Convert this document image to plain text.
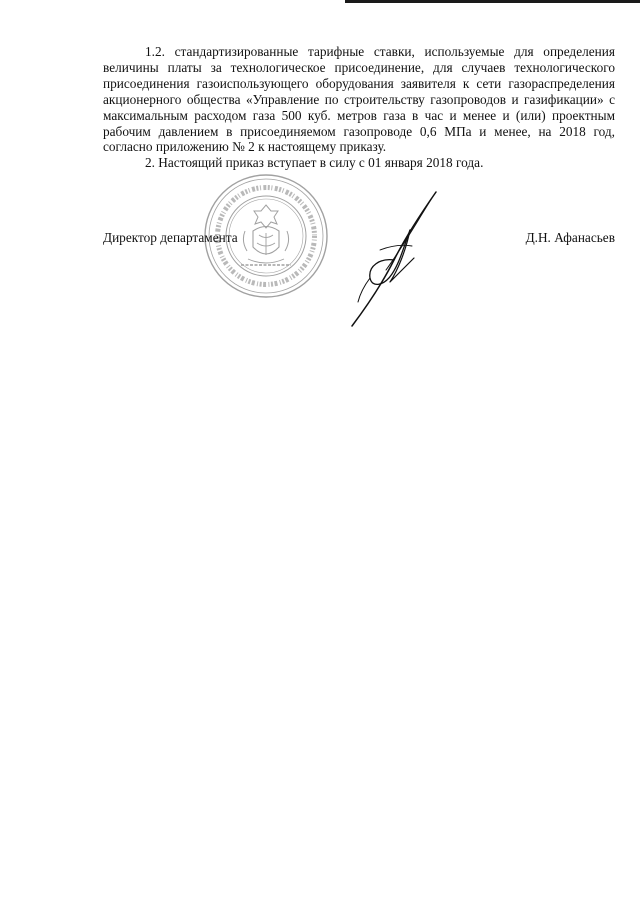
1.2. стандартизированные тарифные ставки, используемые для определения величины платы за технологическое присоединение, для случаев технологического присоединения газоиспользующего оборудования заявителя к сети газораспределения акционерного общества «Управление по строительству газопроводов и газификации» с максимальным расходом газа 500 куб. метров газа в час и менее и (или) проектным рабочим давлением в присоединяемом газопроводе 0,6 МПа и менее, на 2018 год, согласно приложению № 2 к настоящему приказу.

2. Настоящий приказ вступает в силу с 01 января 2018 года.

Директор департамента	Д.Н. Афанасьев
